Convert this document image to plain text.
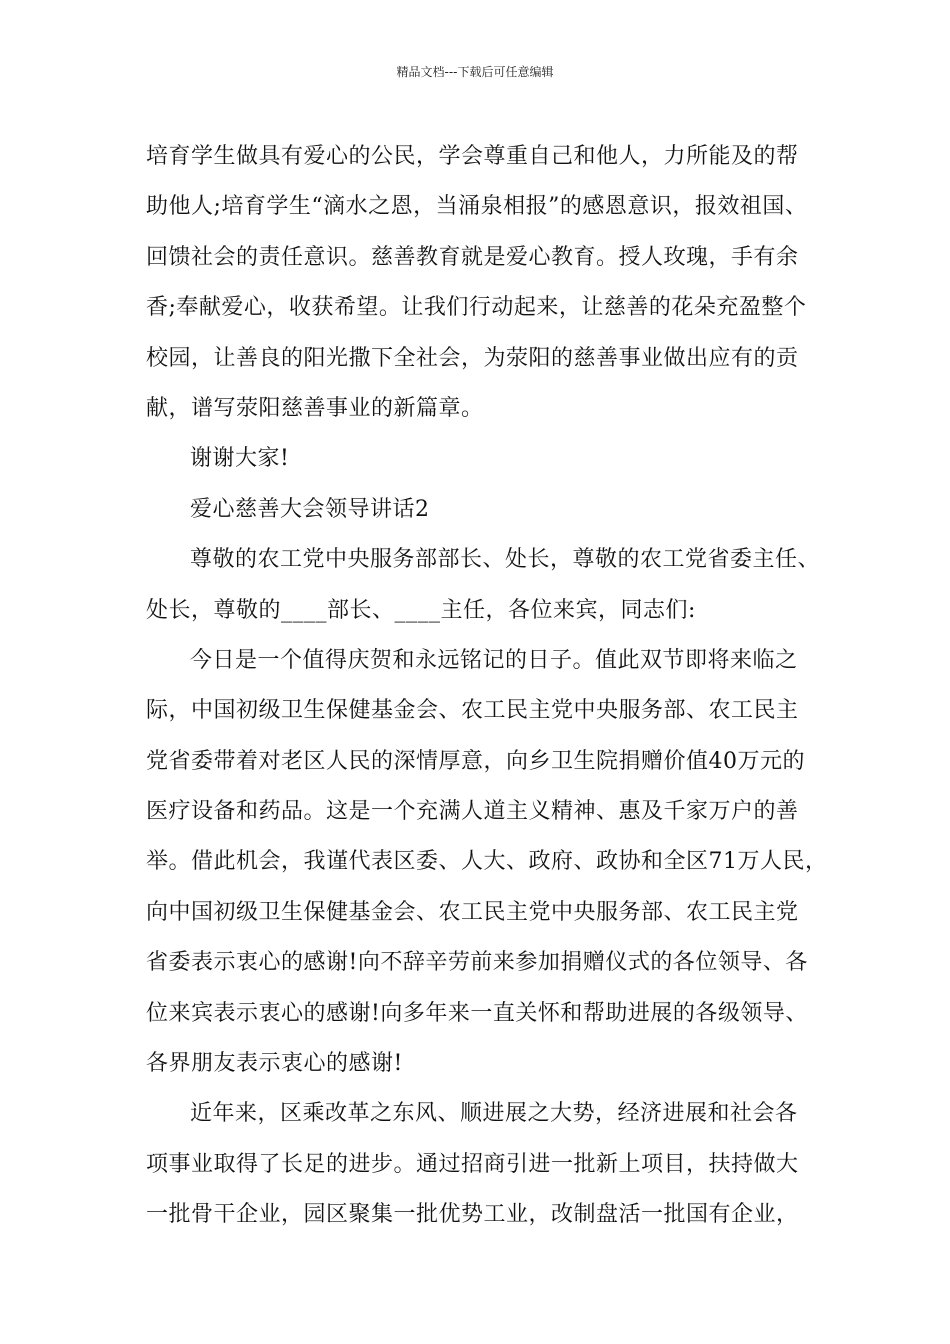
精品文档---下载后可任意编辑
培育学生做具有爱心的公民，学会尊重自己和他人，力所能及的帮
助他人;培育学生“滴水之恩，当涌泉相报”的感恩意识，报效祖国、
回馈社会的责任意识。慈善教育就是爱心教育。授人玫瑰，手有余
香;奉献爱心，收获希望。让我们行动起来，让慈善的花朵充盈整个
校园，让善良的阳光撒下全社会，为荥阳的慈善事业做出应有的贡
献，谱写荥阳慈善事业的新篇章。
谢谢大家!
爱心慈善大会领导讲话2
尊敬的农工党中央服务部部长、处长，尊敬的农工党省委主任、
处长，尊敬的____部长、____主任，各位来宾，同志们:
今日是一个值得庆贺和永远铭记的日子。值此双节即将来临之
际，中国初级卫生保健基金会、农工民主党中央服务部、农工民主
党省委带着对老区人民的深情厚意，向乡卫生院捐赠价值40万元的
医疗设备和药品。这是一个充满人道主义精神、惠及千家万户的善
举。借此机会，我谨代表区委、人大、政府、政协和全区71万人民，
向中国初级卫生保健基金会、农工民主党中央服务部、农工民主党
省委表示衷心的感谢!向不辞辛劳前来参加捐赠仪式的各位领导、各
位来宾表示衷心的感谢!向多年来一直关怀和帮助进展的各级领导、
各界朋友表示衷心的感谢!
近年来，区乘改革之东风、顺进展之大势，经济进展和社会各
项事业取得了长足的进步。通过招商引进一批新上项目，扶持做大
一批骨干企业，园区聚集一批优势工业，改制盘活一批国有企业，
